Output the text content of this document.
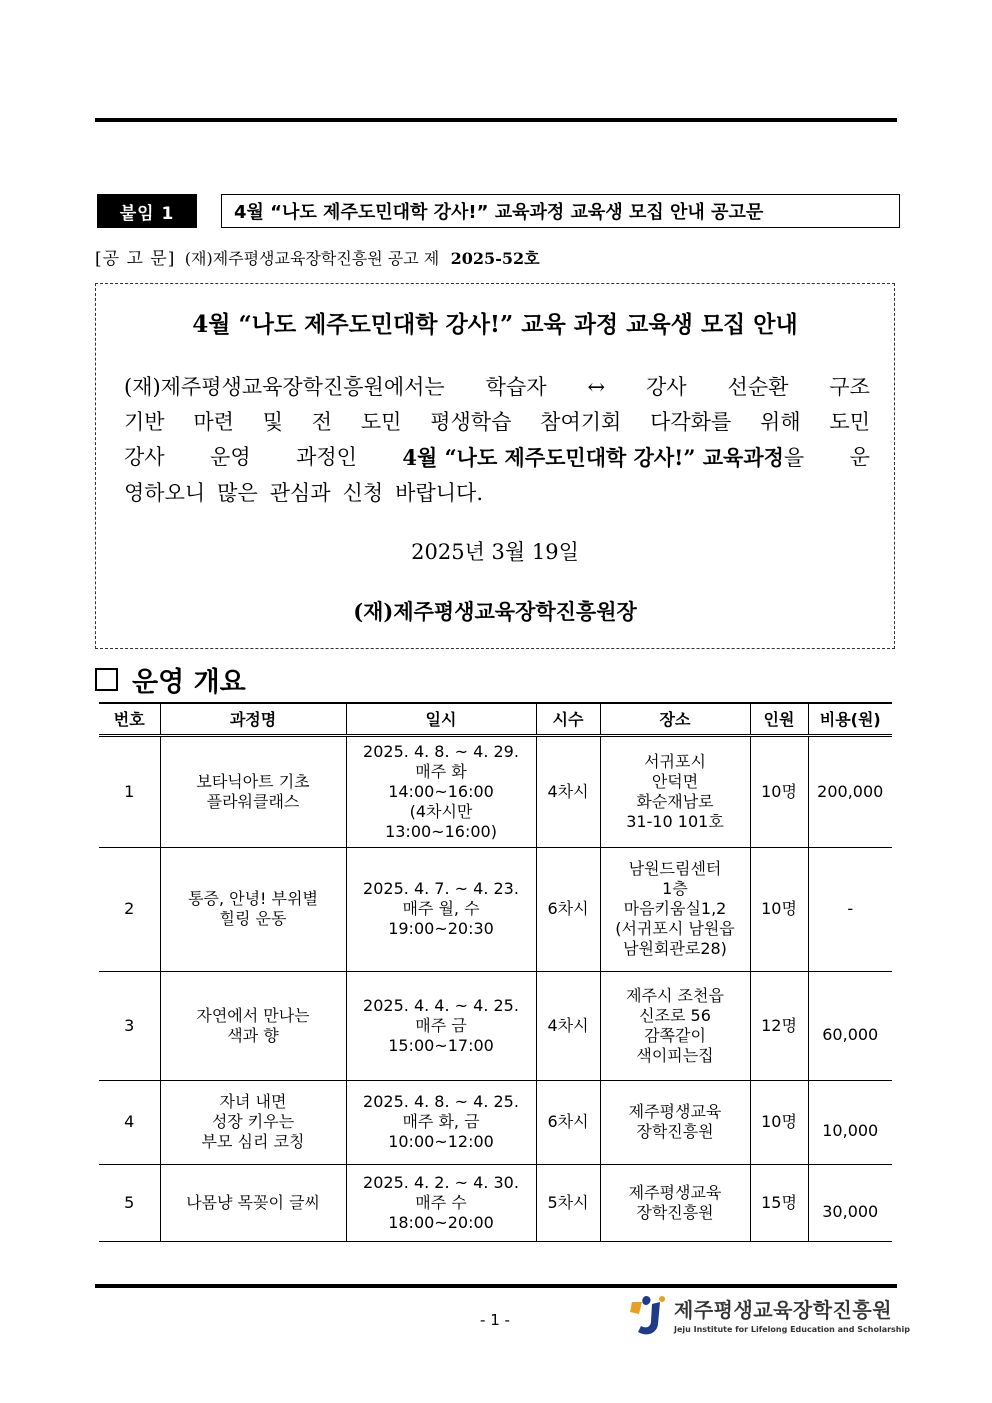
붙임 1	4월 “나도 제주도민대학 강사!” 교육과정 교육생 모집 안내 공고문
[공 고 문] (재)제주평생교육장학진흥원 공고 제 2025-52호
4월 “나도 제주도민대학 강사!” 교육 과정 교육생 모집 안내
(재)제주평생교육장학진흥원에서는 학습자 ↔ 강사 선순환 구조
기반 마련 및 전 도민 평생학습 참여기회 다각화를 위해 도민
강사 운영 과정인 4월 “나도 제주도민대학 강사!” 교육과정을 운
영하오니 많은 관심과 신청 바랍니다.
2025년 3월 19일
(재)제주평생교육장학진흥원장
운영 개요
번호	과정명	일시	시수	장소	인원	비용(원)
1	보타닉아트 기초
플라워클래스	2025. 4. 8. ~ 4. 29.
매주 화
14:00~16:00
(4차시만
13:00~16:00)	4차시	서귀포시
안덕면
화순재남로
31-10 101호	10명	200,000
2	통증, 안녕! 부위별
힐링 운동	2025. 4. 7. ~ 4. 23.
매주 월, 수
19:00~20:30	6차시	남원드림센터
1층
마음키움실1,2
(서귀포시 남원읍
남원회관로28)	10명	-
3	자연에서 만나는
색과 향	2025. 4. 4. ~ 4. 25.
매주 금
15:00~17:00	4차시	제주시 조천읍
신조로 56
감쪽같이
색이피는집	12명	60,000
4	자녀 내면
성장 키우는
부모 심리 코칭	2025. 4. 8. ~ 4. 25.
매주 화, 금
10:00~12:00	6차시	제주평생교육
장학진흥원	10명	10,000
5	나몸냥 목꽂이 글씨	2025. 4. 2. ~ 4. 30.
매주 수
18:00~20:00	5차시	제주평생교육
장학진흥원	15명	30,000
- 1 -	제주평생교육장학진흥원
Jeju Institute for Lifelong Education and Scholarship
